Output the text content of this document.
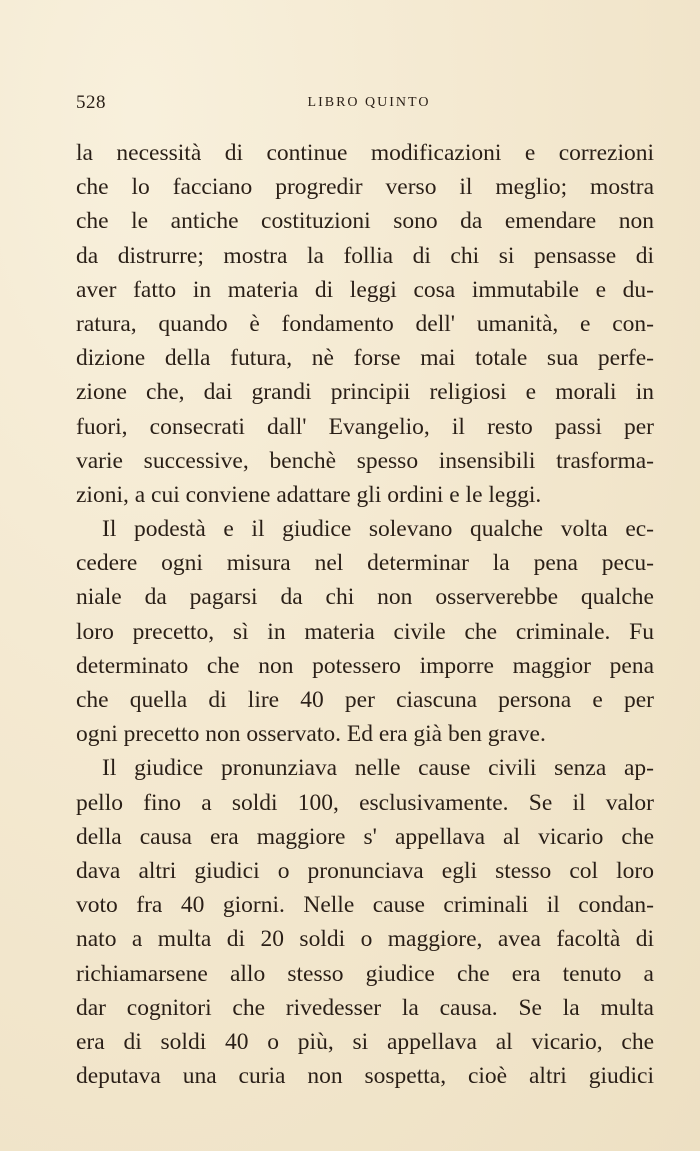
528	LIBRO QUINTO
la necessità di continue modificazioni e correzioni
che lo facciano progredir verso il meglio; mostra
che le antiche costituzioni sono da emendare non
da distrurre; mostra la follia di chi si pensasse di
aver fatto in materia di leggi cosa immutabile e du-
ratura, quando è fondamento dell' umanità, e con-
dizione della futura, nè forse mai totale sua perfe-
zione che, dai grandi principii religiosi e morali in
fuori, consecrati dall' Evangelio, il resto passi per
varie successive, benchè spesso insensibili trasforma-
zioni, a cui conviene adattare gli ordini e le leggi.
Il podestà e il giudice solevano qualche volta ec-
cedere ogni misura nel determinar la pena pecu-
niale da pagarsi da chi non osserverebbe qualche
loro precetto, sì in materia civile che criminale. Fu
determinato che non potessero imporre maggior pena
che quella di lire 40 per ciascuna persona e per
ogni precetto non osservato. Ed era già ben grave.
Il giudice pronunziava nelle cause civili senza ap-
pello fino a soldi 100, esclusivamente. Se il valor
della causa era maggiore s' appellava al vicario che
dava altri giudici o pronunciava egli stesso col loro
voto fra 40 giorni. Nelle cause criminali il condan-
nato a multa di 20 soldi o maggiore, avea facoltà di
richiamarsene allo stesso giudice che era tenuto a
dar cognitori che rivedesser la causa. Se la multa
era di soldi 40 o più, si appellava al vicario, che
deputava una curia non sospetta, cioè altri giudici
